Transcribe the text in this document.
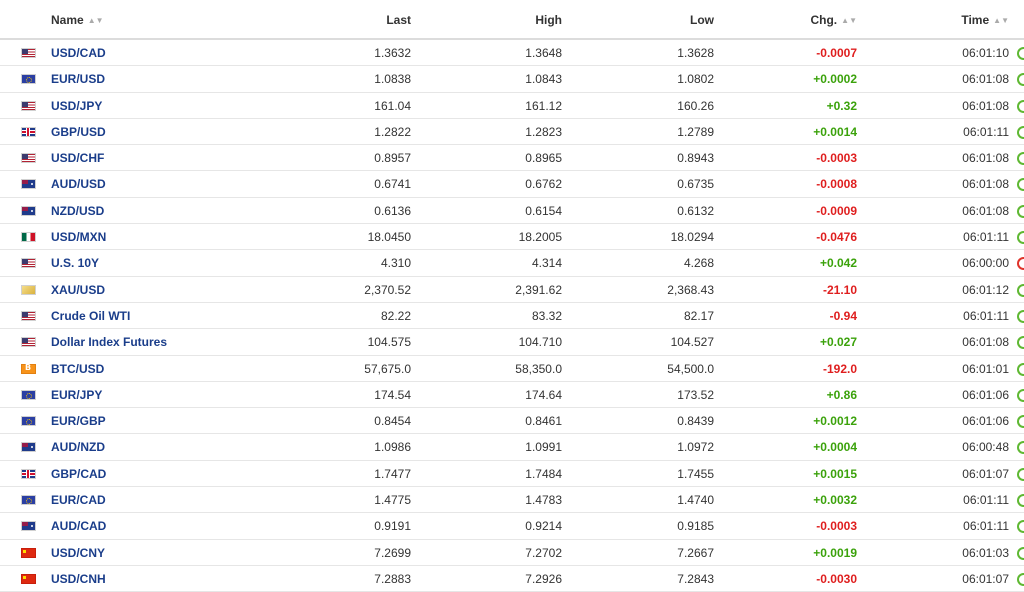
Name ▲▼	Last	High	Low	Chg. ▲▼	Time ▲▼
USD/CAD	1.3632	1.3648	1.3628	-0.0007	06:01:10
EUR/USD	1.0838	1.0843	1.0802	+0.0002	06:01:08
USD/JPY	161.04	161.12	160.26	+0.32	06:01:08
GBP/USD	1.2822	1.2823	1.2789	+0.0014	06:01:11
USD/CHF	0.8957	0.8965	0.8943	-0.0003	06:01:08
AUD/USD	0.6741	0.6762	0.6735	-0.0008	06:01:08
NZD/USD	0.6136	0.6154	0.6132	-0.0009	06:01:08
USD/MXN	18.0450	18.2005	18.0294	-0.0476	06:01:11
U.S. 10Y	4.310	4.314	4.268	+0.042	06:00:00
XAU/USD	2,370.52	2,391.62	2,368.43	-21.10	06:01:12
Crude Oil WTI	82.22	83.32	82.17	-0.94	06:01:11
Dollar Index Futures	104.575	104.710	104.527	+0.027	06:01:08
B
BTC/USD	57,675.0	58,350.0	54,500.0	-192.0	06:01:01
EUR/JPY	174.54	174.64	173.52	+0.86	06:01:06
EUR/GBP	0.8454	0.8461	0.8439	+0.0012	06:01:06
AUD/NZD	1.0986	1.0991	1.0972	+0.0004	06:00:48
GBP/CAD	1.7477	1.7484	1.7455	+0.0015	06:01:07
EUR/CAD	1.4775	1.4783	1.4740	+0.0032	06:01:11
AUD/CAD	0.9191	0.9214	0.9185	-0.0003	06:01:11
USD/CNY	7.2699	7.2702	7.2667	+0.0019	06:01:03
USD/CNH	7.2883	7.2926	7.2843	-0.0030	06:01:07
